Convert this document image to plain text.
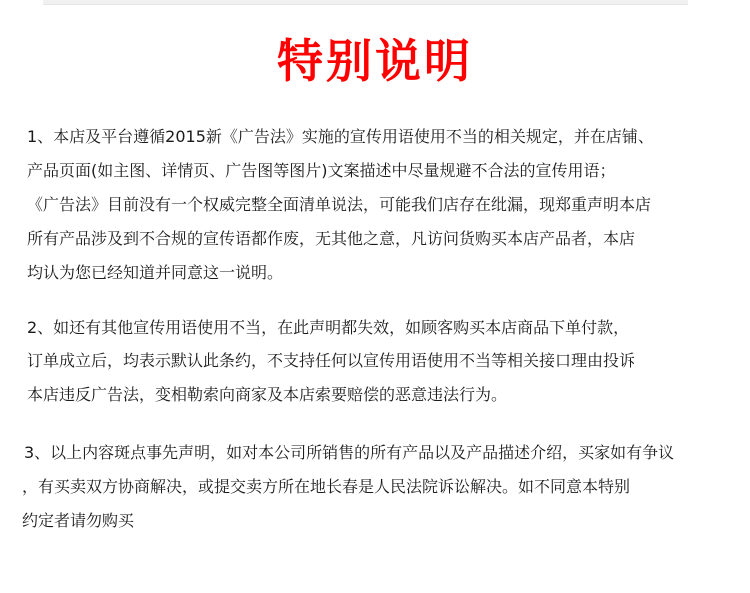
特别说明
1、本店及平台遵循2015新《广告法》实施的宣传用语使用不当的相关规定，并在店铺、
产品页面(如主图、详情页、广告图等图片)文案描述中尽量规避不合法的宣传用语；
《广告法》目前没有一个权威完整全面清单说法，可能我们店存在纰漏，现郑重声明本店
所有产品涉及到不合规的宣传语都作废，无其他之意，凡访问货购买本店产品者，本店
均认为您已经知道并同意这一说明。
2、如还有其他宣传用语使用不当，在此声明都失效，如顾客购买本店商品下单付款，
订单成立后，均表示默认此条约，不支持任何以宣传用语使用不当等相关接口理由投诉
本店违反广告法，变相勒索向商家及本店索要赔偿的恶意违法行为。
3、以上内容斑点事先声明，如对本公司所销售的所有产品以及产品描述介绍，买家如有争议
，有买卖双方协商解决，或提交卖方所在地长春是人民法院诉讼解决。如不同意本特别
约定者请勿购买
